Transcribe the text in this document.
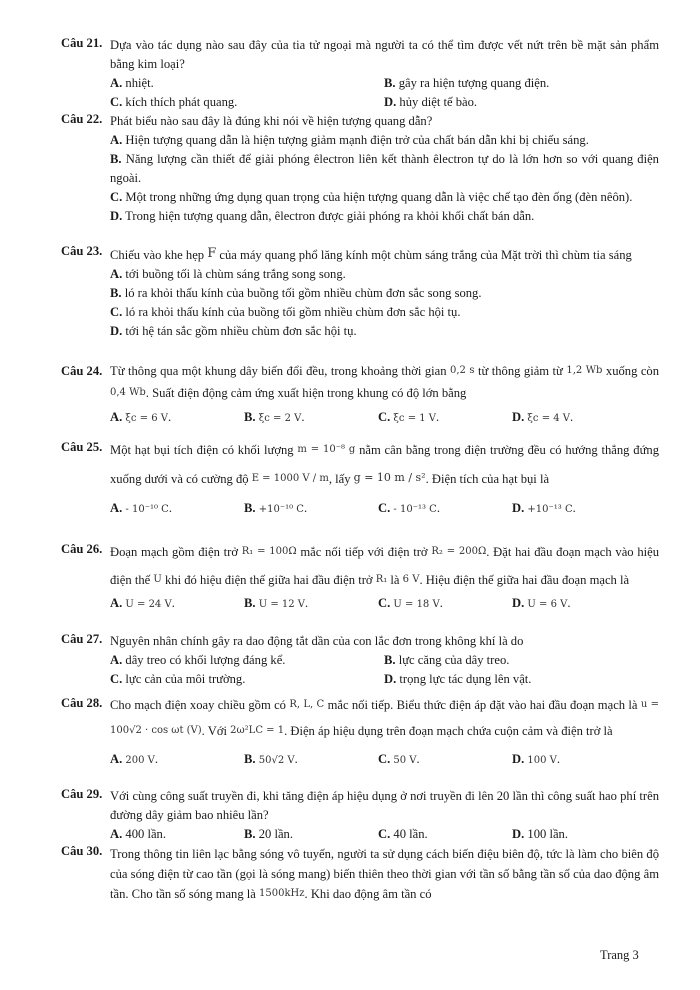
Câu 21. Dựa vào tác dụng nào sau đây của tia tử ngoại mà người ta có thể tìm được vết nứt trên bề mặt sản phẩm bằng kim loại?
A. nhiệt.	B. gây ra hiện tượng quang điện.
C. kích thích phát quang.	D. hủy diệt tế bào.
Câu 22. Phát biểu nào sau đây là đúng khi nói về hiện tượng quang dẫn?
A. Hiện tượng quang dẫn là hiện tượng giảm mạnh điện trở của chất bán dẫn khi bị chiếu sáng.
B. Năng lượng cần thiết để giải phóng êlectron liên kết thành êlectron tự do là lớn hơn so với quang điện ngoài.
C. Một trong những ứng dụng quan trọng của hiện tượng quang dẫn là việc chế tạo đèn ống (đèn nêôn).
D. Trong hiện tượng quang dẫn, êlectron được giải phóng ra khỏi khối chất bán dẫn.
Câu 23. Chiếu vào khe hẹp F của máy quang phổ lăng kính một chùm sáng trắng của Mặt trời thì chùm tia sáng
A. tới buồng tối là chùm sáng trắng song song.
B. ló ra khỏi thấu kính của buồng tối gồm nhiều chùm đơn sắc song song.
C. ló ra khỏi thấu kính của buồng tối gồm nhiều chùm đơn sắc hội tụ.
D. tới hệ tán sắc gồm nhiều chùm đơn sắc hội tụ.
Câu 24. Từ thông qua một khung dây biến đổi đều, trong khoảng thời gian 0,2 s từ thông giảm từ 1,2 Wb xuống còn 0,4 Wb. Suất điện động cảm ứng xuất hiện trong khung có độ lớn bằng
A. ξc = 6 V.	B. ξc = 2 V.	C. ξc = 1 V.	D. ξc = 4 V.
Câu 25. Một hạt bụi tích điện có khối lượng m = 10⁻⁸ g nằm cân bằng trong điện trường đều có hướng thẳng đứng xuống dưới và có cường độ E = 1000 V / m, lấy g = 10 m / s². Điện tích của hạt bụi là
A. - 10⁻¹⁰ C.	B. +10⁻¹⁰ C.	C. - 10⁻¹³ C.	D. +10⁻¹³ C.
Câu 26. Đoạn mạch gồm điện trở R₁ = 100Ω mắc nối tiếp với điện trở R₂ = 200Ω. Đặt hai đầu đoạn mạch vào hiệu điện thế U khi đó hiệu điện thế giữa hai đầu điện trở R₁ là 6 V. Hiệu điện thế giữa hai đầu đoạn mạch là
A. U = 24 V.	B. U = 12 V.	C. U = 18 V.	D. U = 6 V.
Câu 27. Nguyên nhân chính gây ra dao động tắt dần của con lắc đơn trong không khí là do
A. dây treo có khối lượng đáng kể.	B. lực căng của dây treo.
C. lực cản của môi trường.	D. trọng lực tác dụng lên vật.
Câu 28. Cho mạch điện xoay chiều gồm có R, L, C mắc nối tiếp. Biểu thức điện áp đặt vào hai đầu đoạn mạch là u = 100√2 · cos ωt (V). Với 2ω²LC = 1. Điện áp hiệu dụng trên đoạn mạch chứa cuộn cảm và điện trở là
A. 200 V.	B. 50√2 V.	C. 50 V.	D. 100 V.
Câu 29. Với cùng công suất truyền đi, khi tăng điện áp hiệu dụng ở nơi truyền đi lên 20 lần thì công suất hao phí trên đường dây giảm bao nhiêu lần?
A. 400 lần.	B. 20 lần.	C. 40 lần.	D. 100 lần.
Câu 30. Trong thông tin liên lạc bằng sóng vô tuyến, người ta sử dụng cách biến điệu biên độ, tức là làm cho biên độ của sóng điện từ cao tần (gọi là sóng mang) biến thiên theo thời gian với tần số bằng tần số của dao động âm tần. Cho tần số sóng mang là 1500kHz. Khi dao động âm tần có
Trang 3
